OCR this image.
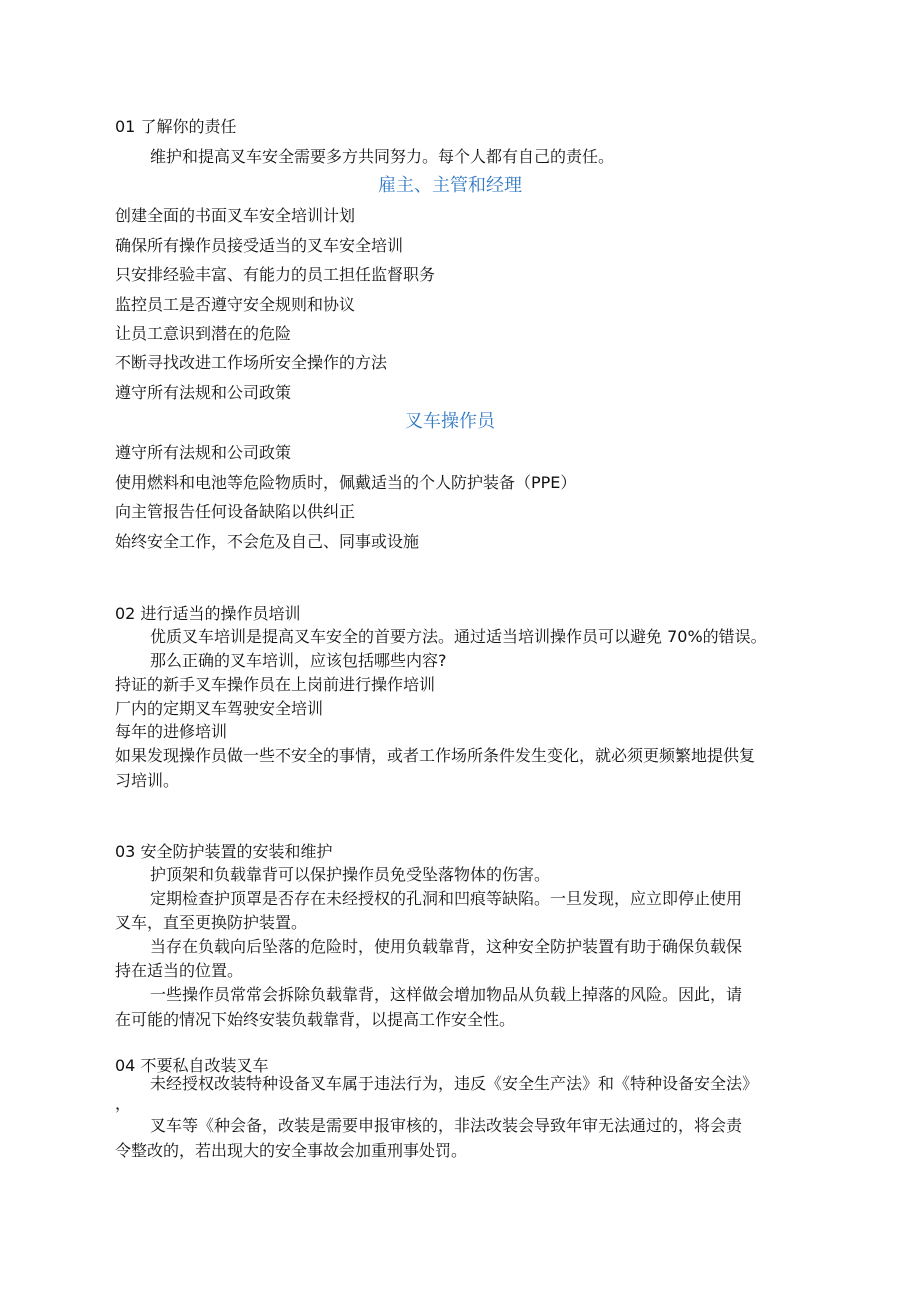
01 了解你的责任
维护和提高叉车安全需要多方共同努力。每个人都有自己的责任。
雇主、主管和经理
创建全面的书面叉车安全培训计划
确保所有操作员接受适当的叉车安全培训
只安排经验丰富、有能力的员工担任监督职务
监控员工是否遵守安全规则和协议
让员工意识到潜在的危险
不断寻找改进工作场所安全操作的方法
遵守所有法规和公司政策
叉车操作员
遵守所有法规和公司政策
使用燃料和电池等危险物质时，佩戴适当的个人防护装备（PPE）
向主管报告任何设备缺陷以供纠正
始终安全工作，不会危及自己、同事或设施
02 进行适当的操作员培训
优质叉车培训是提高叉车安全的首要方法。通过适当培训操作员可以避免 70%的错误。
那么正确的叉车培训，应该包括哪些内容?
持证的新手叉车操作员在上岗前进行操作培训
厂内的定期叉车驾驶安全培训
每年的进修培训
如果发现操作员做一些不安全的事情，或者工作场所条件发生变化，就必须更频繁地提供复
习培训。
03 安全防护装置的安装和维护
护顶架和负载靠背可以保护操作员免受坠落物体的伤害。
定期检查护顶罩是否存在未经授权的孔洞和凹痕等缺陷。一旦发现，应立即停止使用
叉车，直至更换防护装置。
当存在负载向后坠落的危险时，使用负载靠背，这种安全防护装置有助于确保负载保
持在适当的位置。
一些操作员常常会拆除负载靠背，这样做会增加物品从负载上掉落的风险。因此，请
在可能的情况下始终安装负载靠背，以提高工作安全性。
04 不要私自改装叉车
未经授权改装特种设备叉车属于违法行为，违反《安全生产法》和《特种设备安全法》
，
叉车等《种会备，改装是需要申报审核的，非法改装会导致年审无法通过的，将会责
令整改的，若出现大的安全事故会加重刑事处罚。
